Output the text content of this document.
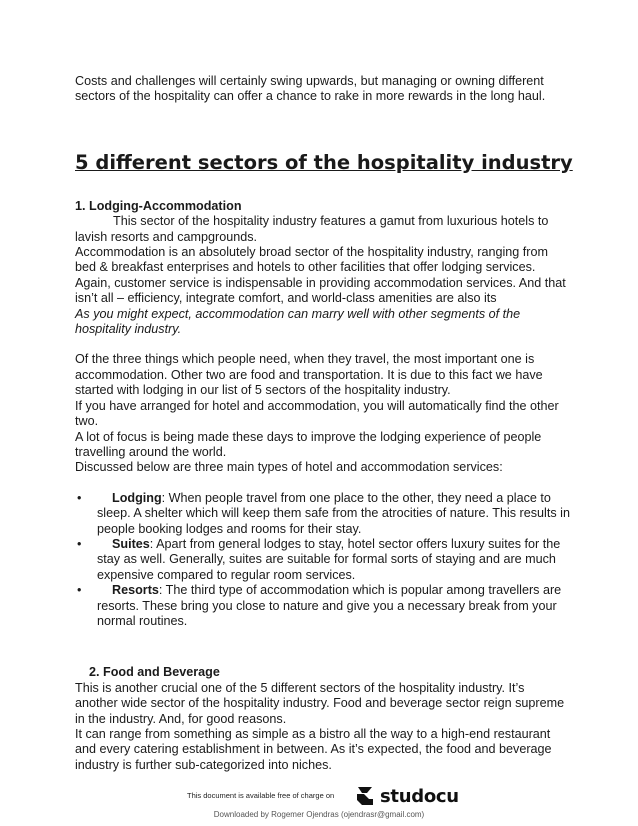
Costs and challenges will certainly swing upwards, but managing or owning different sectors of the hospitality can offer a chance to rake in more rewards in the long haul.

5 different sectors of the hospitality industry

1. Lodging-Accommodation

This sector of the hospitality industry features a gamut from luxurious hotels to lavish resorts and campgrounds.

Accommodation is an absolutely broad sector of the hospitality industry, ranging from bed & breakfast enterprises and hotels to other facilities that offer lodging services.

Again, customer service is indispensable in providing accommodation services. And that isn’t all – efficiency, integrate comfort, and world-class amenities are also its

As you might expect, accommodation can marry well with other segments of the hospitality industry.

Of the three things which people need, when they travel, the most important one is accommodation. Other two are food and transportation. It is due to this fact we have started with lodging in our list of 5 sectors of the hospitality industry.

If you have arranged for hotel and accommodation, you will automatically find the other two.

A lot of focus is being made these days to improve the lodging experience of people travelling around the world.

Discussed below are three main types of hotel and accommodation services:

•	Lodging: When people travel from one place to the other, they need a place to sleep. A shelter which will keep them safe from the atrocities of nature. This results in people booking lodges and rooms for their stay.
•	Suites: Apart from general lodges to stay, hotel sector offers luxury suites for the stay as well. Generally, suites are suitable for formal sorts of staying and are much expensive compared to regular room services.
•	Resorts: The third type of accommodation which is popular among travellers are resorts. These bring you close to nature and give you a necessary break from your normal routines.

2. Food and Beverage

This is another crucial one of the 5 different sectors of the hospitality industry. It’s another wide sector of the hospitality industry. Food and beverage sector reign supreme in the industry. And, for good reasons.

It can range from something as simple as a bistro all the way to a high-end restaurant and every catering establishment in between. As it’s expected, the food and beverage industry is further sub-categorized into niches.

This document is available free of charge on	studocu
Downloaded by Rogemer Ojendras (ojendrasr@gmail.com)
